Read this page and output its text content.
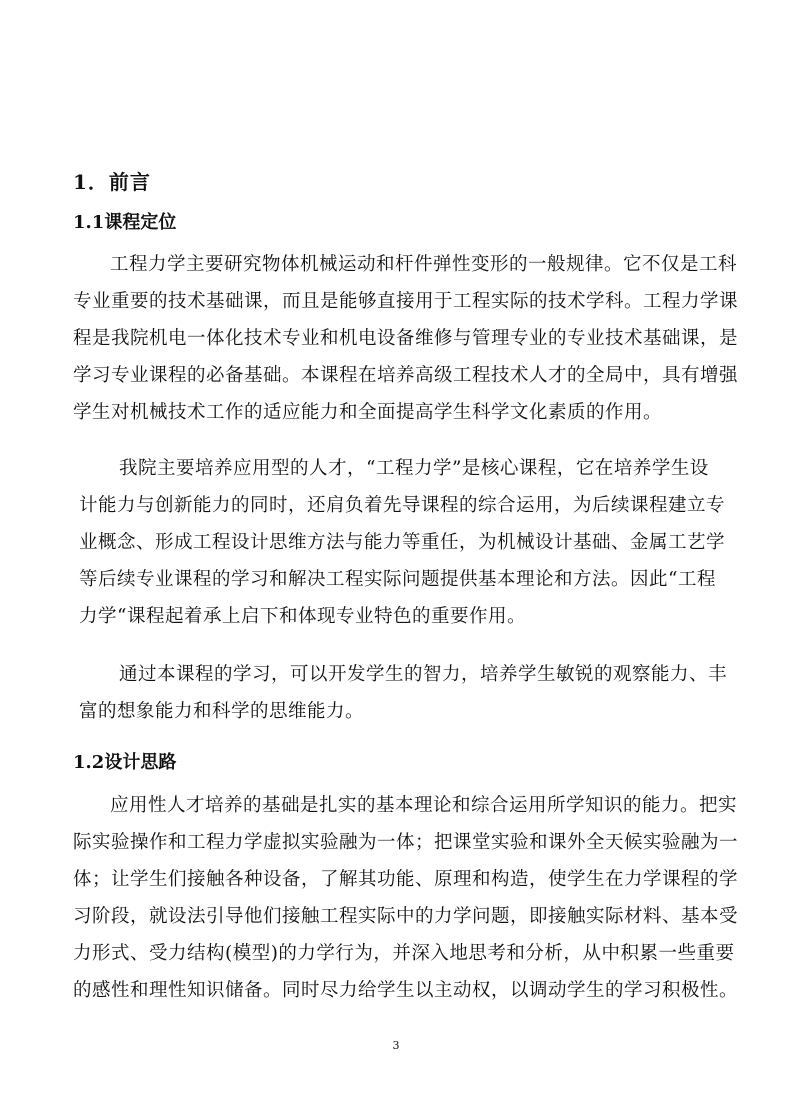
1．前言
1.1课程定位

工程力学主要研究物体机械运动和杆件弹性变形的一般规律。它不仅是工科
专业重要的技术基础课，而且是能够直接用于工程实际的技术学科。工程力学课
程是我院机电一体化技术专业和机电设备维修与管理专业的专业技术基础课，是
学习专业课程的必备基础。本课程在培养高级工程技术人才的全局中，具有增强
学生对机械技术工作的适应能力和全面提高学生科学文化素质的作用。

我院主要培养应用型的人才，“工程力学”是核心课程，它在培养学生设
计能力与创新能力的同时，还肩负着先导课程的综合运用，为后续课程建立专
业概念、形成工程设计思维方法与能力等重任，为机械设计基础、金属工艺学
等后续专业课程的学习和解决工程实际问题提供基本理论和方法。因此“工程
力学“课程起着承上启下和体现专业特色的重要作用。

通过本课程的学习，可以开发学生的智力，培养学生敏锐的观察能力、丰
富的想象能力和科学的思维能力。

1.2设计思路

应用性人才培养的基础是扎实的基本理论和综合运用所学知识的能力。把实
际实验操作和工程力学虚拟实验融为一体；把课堂实验和课外全天候实验融为一
体；让学生们接触各种设备，了解其功能、原理和构造，使学生在力学课程的学
习阶段，就设法引导他们接触工程实际中的力学问题，即接触实际材料、基本受
力形式、受力结构(模型)的力学行为，并深入地思考和分析，从中积累一些重要
的感性和理性知识储备。同时尽力给学生以主动权，以调动学生的学习积极性。

3
